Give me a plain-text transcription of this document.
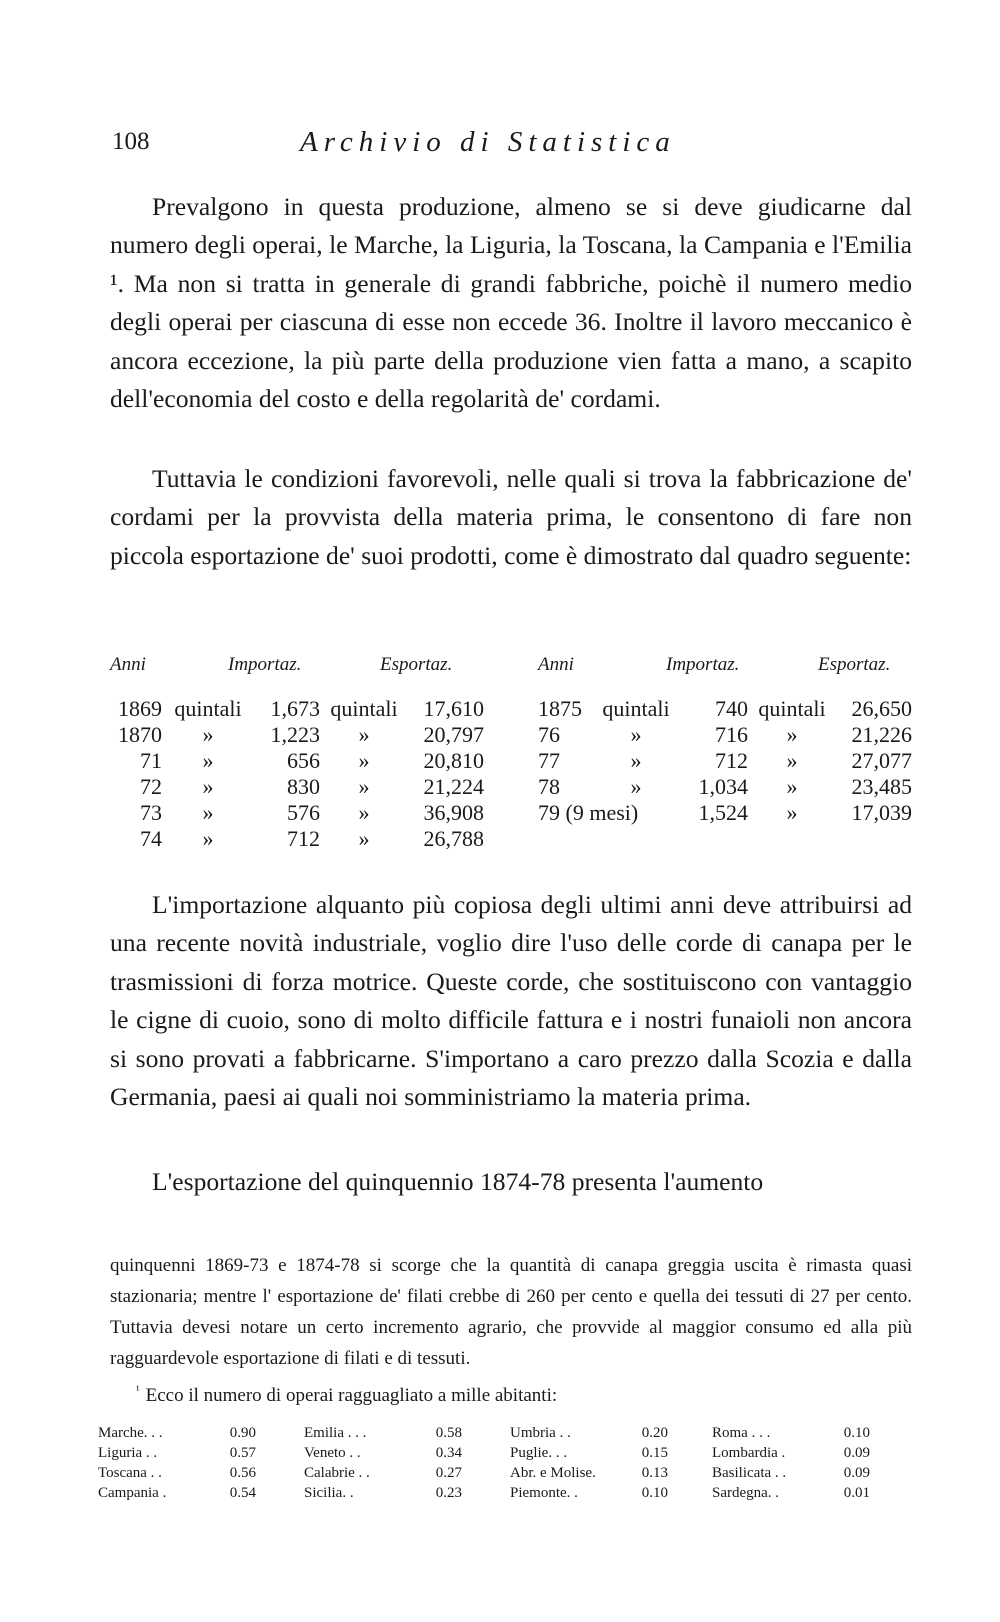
108	Archivio di Statistica

Prevalgono in questa produzione, almeno se si deve giudicarne dal numero degli operai, le Marche, la Liguria, la Toscana, la Campania e l'Emilia ¹. Ma non si tratta in generale di grandi fabbriche, poichè il numero medio degli operai per ciascuna di esse non eccede 36. Inoltre il lavoro meccanico è ancora eccezione, la più parte della produzione vien fatta a mano, a scapito dell'economia del costo e della regolarità de' cordami.

Tuttavia le condizioni favorevoli, nelle quali si trova la fabbricazione de' cordami per la provvista della materia prima, le consentono di fare non piccola esportazione de' suoi prodotti, come è dimostrato dal quadro seguente:

Anni	Importaz.	Esportaz.
1869 quintali	1,673 quintali	17,610
1870	»	1,223	»	20,797
71	»	656	»	20,810
72	»	830	»	21,224
73	»	576	»	36,908
74	»	712	»	26,788
Anni	Importaz.	Esportaz.
1875 quintali	740 quintali	26,650
76	»	716	»	21,226
77	»	712	»	27,077
78	»	1,034	»	23,485
79 (9 mesi)	1,524	»	17,039

L'importazione alquanto più copiosa degli ultimi anni deve attribuirsi ad una recente novità industriale, voglio dire l'uso delle corde di canapa per le trasmissioni di forza motrice. Queste corde, che sostituiscono con vantaggio le cigne di cuoio, sono di molto difficile fattura e i nostri funaioli non ancora si sono provati a fabbricarne. S'importano a caro prezzo dalla Scozia e dalla Germania, paesi ai quali noi somministriamo la materia prima.

L'esportazione del quinquennio 1874-78 presenta l'aumento

quinquenni 1869-73 e 1874-78 si scorge che la quantità di canapa greggia uscita è rimasta quasi stazionaria; mentre l' esportazione de' filati crebbe di 260 per cento e quella dei tessuti di 27 per cento. Tuttavia devesi notare un certo incremento agrario, che provvide al maggior consumo ed alla più ragguardevole esportazione di filati e di tessuti.

$^{^1}$ Ecco il numero di operai ragguagliato a mille abitanti:

Marche. . .	0.90
Liguria . .	0.57
Toscana . .	0.56
Campania .	0.54
Emilia . . .	0.58
Veneto . .	0.34
Calabrie . .	0.27
Sicilia. .	0.23
Umbria . .	0.20
Puglie. . .	0.15
Abr. e Molise.	0.13
Piemonte. .	0.10
Roma . . .	0.10
Lombardia .	0.09
Basilicata . .	0.09
Sardegna. .	0.01
